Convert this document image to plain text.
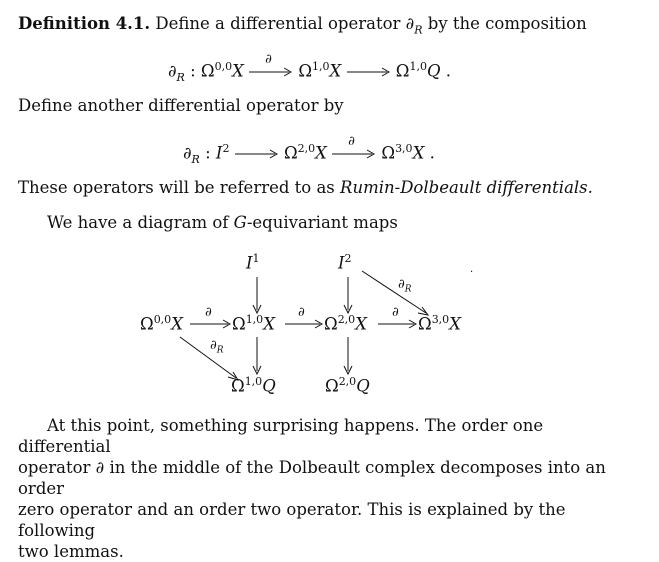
Definition 4.1. Define a differential operator $\partial_R$ by the composition
$\partial_R$ : Ω$^{0,0}$X
∂
Ω$^{1,0}$X	Ω$^{1,0}$Q .
Define another differential operator by
$\partial_R$ : $I^2$	Ω$^{2,0}$X
∂
Ω$^{3,0}$X .
These operators will be referred to as Rumin-Dolbeault differentials.
We have a diagram of G-equivariant maps
$I^1$	$I^2$
·
$\partial_R$
Ω$^{0,0}$X
∂
Ω$^{1,0}$X
∂
Ω$^{2,0}$X
∂
Ω$^{3,0}$X
$\partial_R$
Ω$^{1,0}$Q	Ω$^{2,0}$Q

At this point, something surprising happens. The order one differential

operator ∂ in the middle of the Dolbeault complex decomposes into an order

zero operator and an order two operator. This is explained by the following

two lemmas.
